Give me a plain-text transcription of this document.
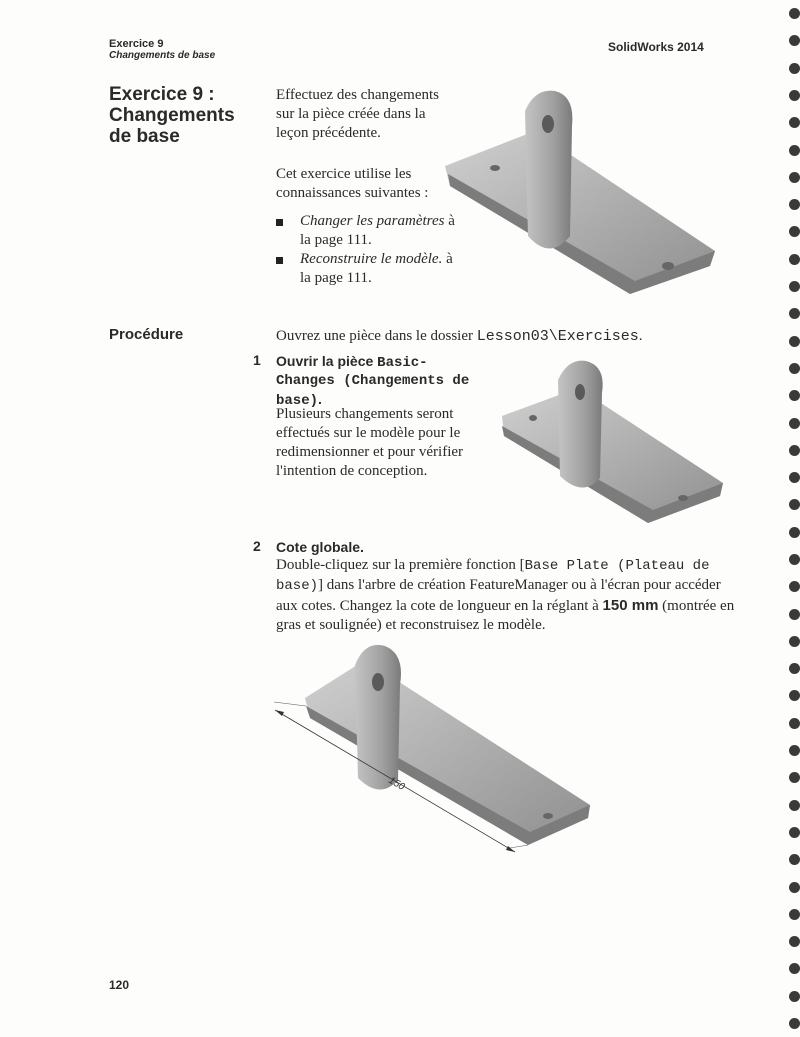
Exercice 9
Changements de base
SolidWorks 2014
Exercice 9 : Changements de base
Effectuez des changements sur la pièce créée dans la leçon précédente.
Cet exercice utilise les connaissances suivantes :
Changer les paramètres à la page 111.
Reconstruire le modèle. à la page 111.
Procédure	Ouvrez une pièce dans le dossier Lesson03\Exercises.
1 Ouvrir la pièce Basic-Changes (Changements de base).
Plusieurs changements seront effectués sur le modèle pour le redimensionner et pour vérifier l'intention de conception.
2 Cote globale.
Double-cliquez sur la première fonction [Base Plate (Plateau de base)] dans l'arbre de création FeatureManager ou à l'écran pour accéder aux cotes. Changez la cote de longueur en la réglant à 150 mm (montrée en gras et soulignée) et reconstruisez le modèle.
150
120
